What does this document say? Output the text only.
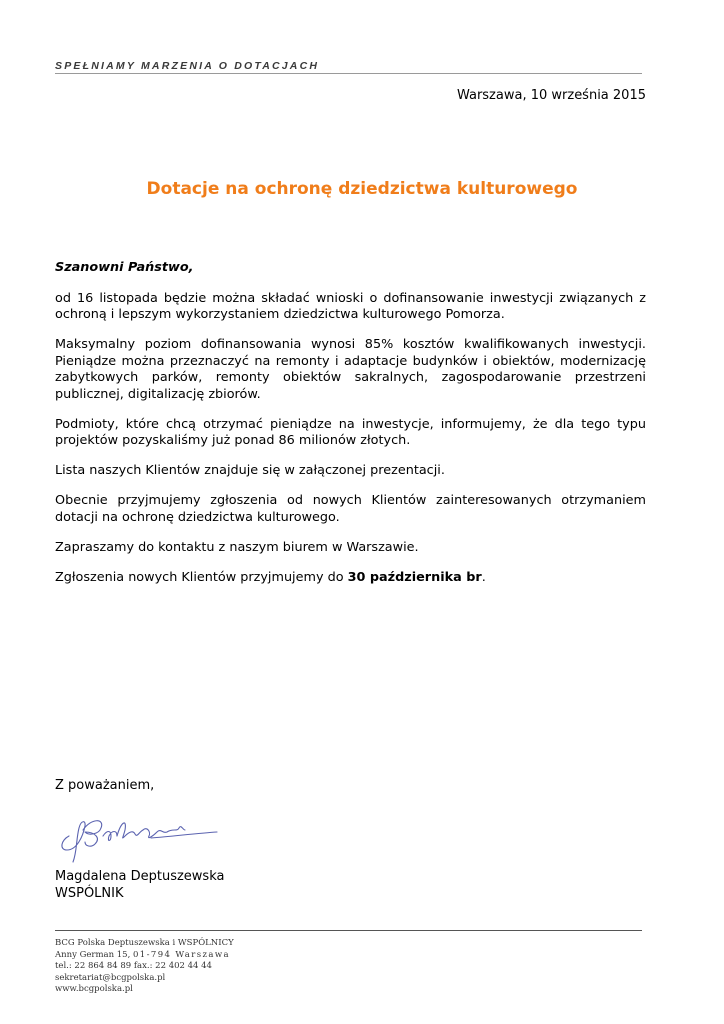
SPEŁNIAMY MARZENIA O DOTACJACH
Warszawa, 10 września 2015
Dotacje na ochronę dziedzictwa kulturowego

Szanowni Państwo,

od 16 listopada będzie można składać wnioski o dofinansowanie inwestycji związanych z ochroną i lepszym wykorzystaniem dziedzictwa kulturowego Pomorza.

Maksymalny poziom dofinansowania wynosi 85% kosztów kwalifikowanych inwestycji. Pieniądze można przeznaczyć na remonty i adaptacje budynków i obiektów, modernizację zabytkowych parków, remonty obiektów sakralnych, zagospodarowanie przestrzeni publicznej, digitalizację zbiorów.

Podmioty, które chcą otrzymać pieniądze na inwestycje, informujemy, że dla tego typu projektów pozyskaliśmy już ponad 86 milionów złotych.

Lista naszych Klientów znajduje się w załączonej prezentacji.

Obecnie przyjmujemy zgłoszenia od nowych Klientów zainteresowanych otrzymaniem dotacji na ochronę dziedzictwa kulturowego.

Zapraszamy do kontaktu z naszym biurem w Warszawie.

Zgłoszenia nowych Klientów przyjmujemy do 30 października br.

Z poważaniem,
Magdalena Deptuszewska
WSPÓLNIK
BCG Polska Deptuszewska i WSPÓLNICY
Anny German 15, 01-794 Warszawa
tel.: 22 864 84 89 fax.: 22 402 44 44
sekretariat@bcgpolska.pl
www.bcgpolska.pl
